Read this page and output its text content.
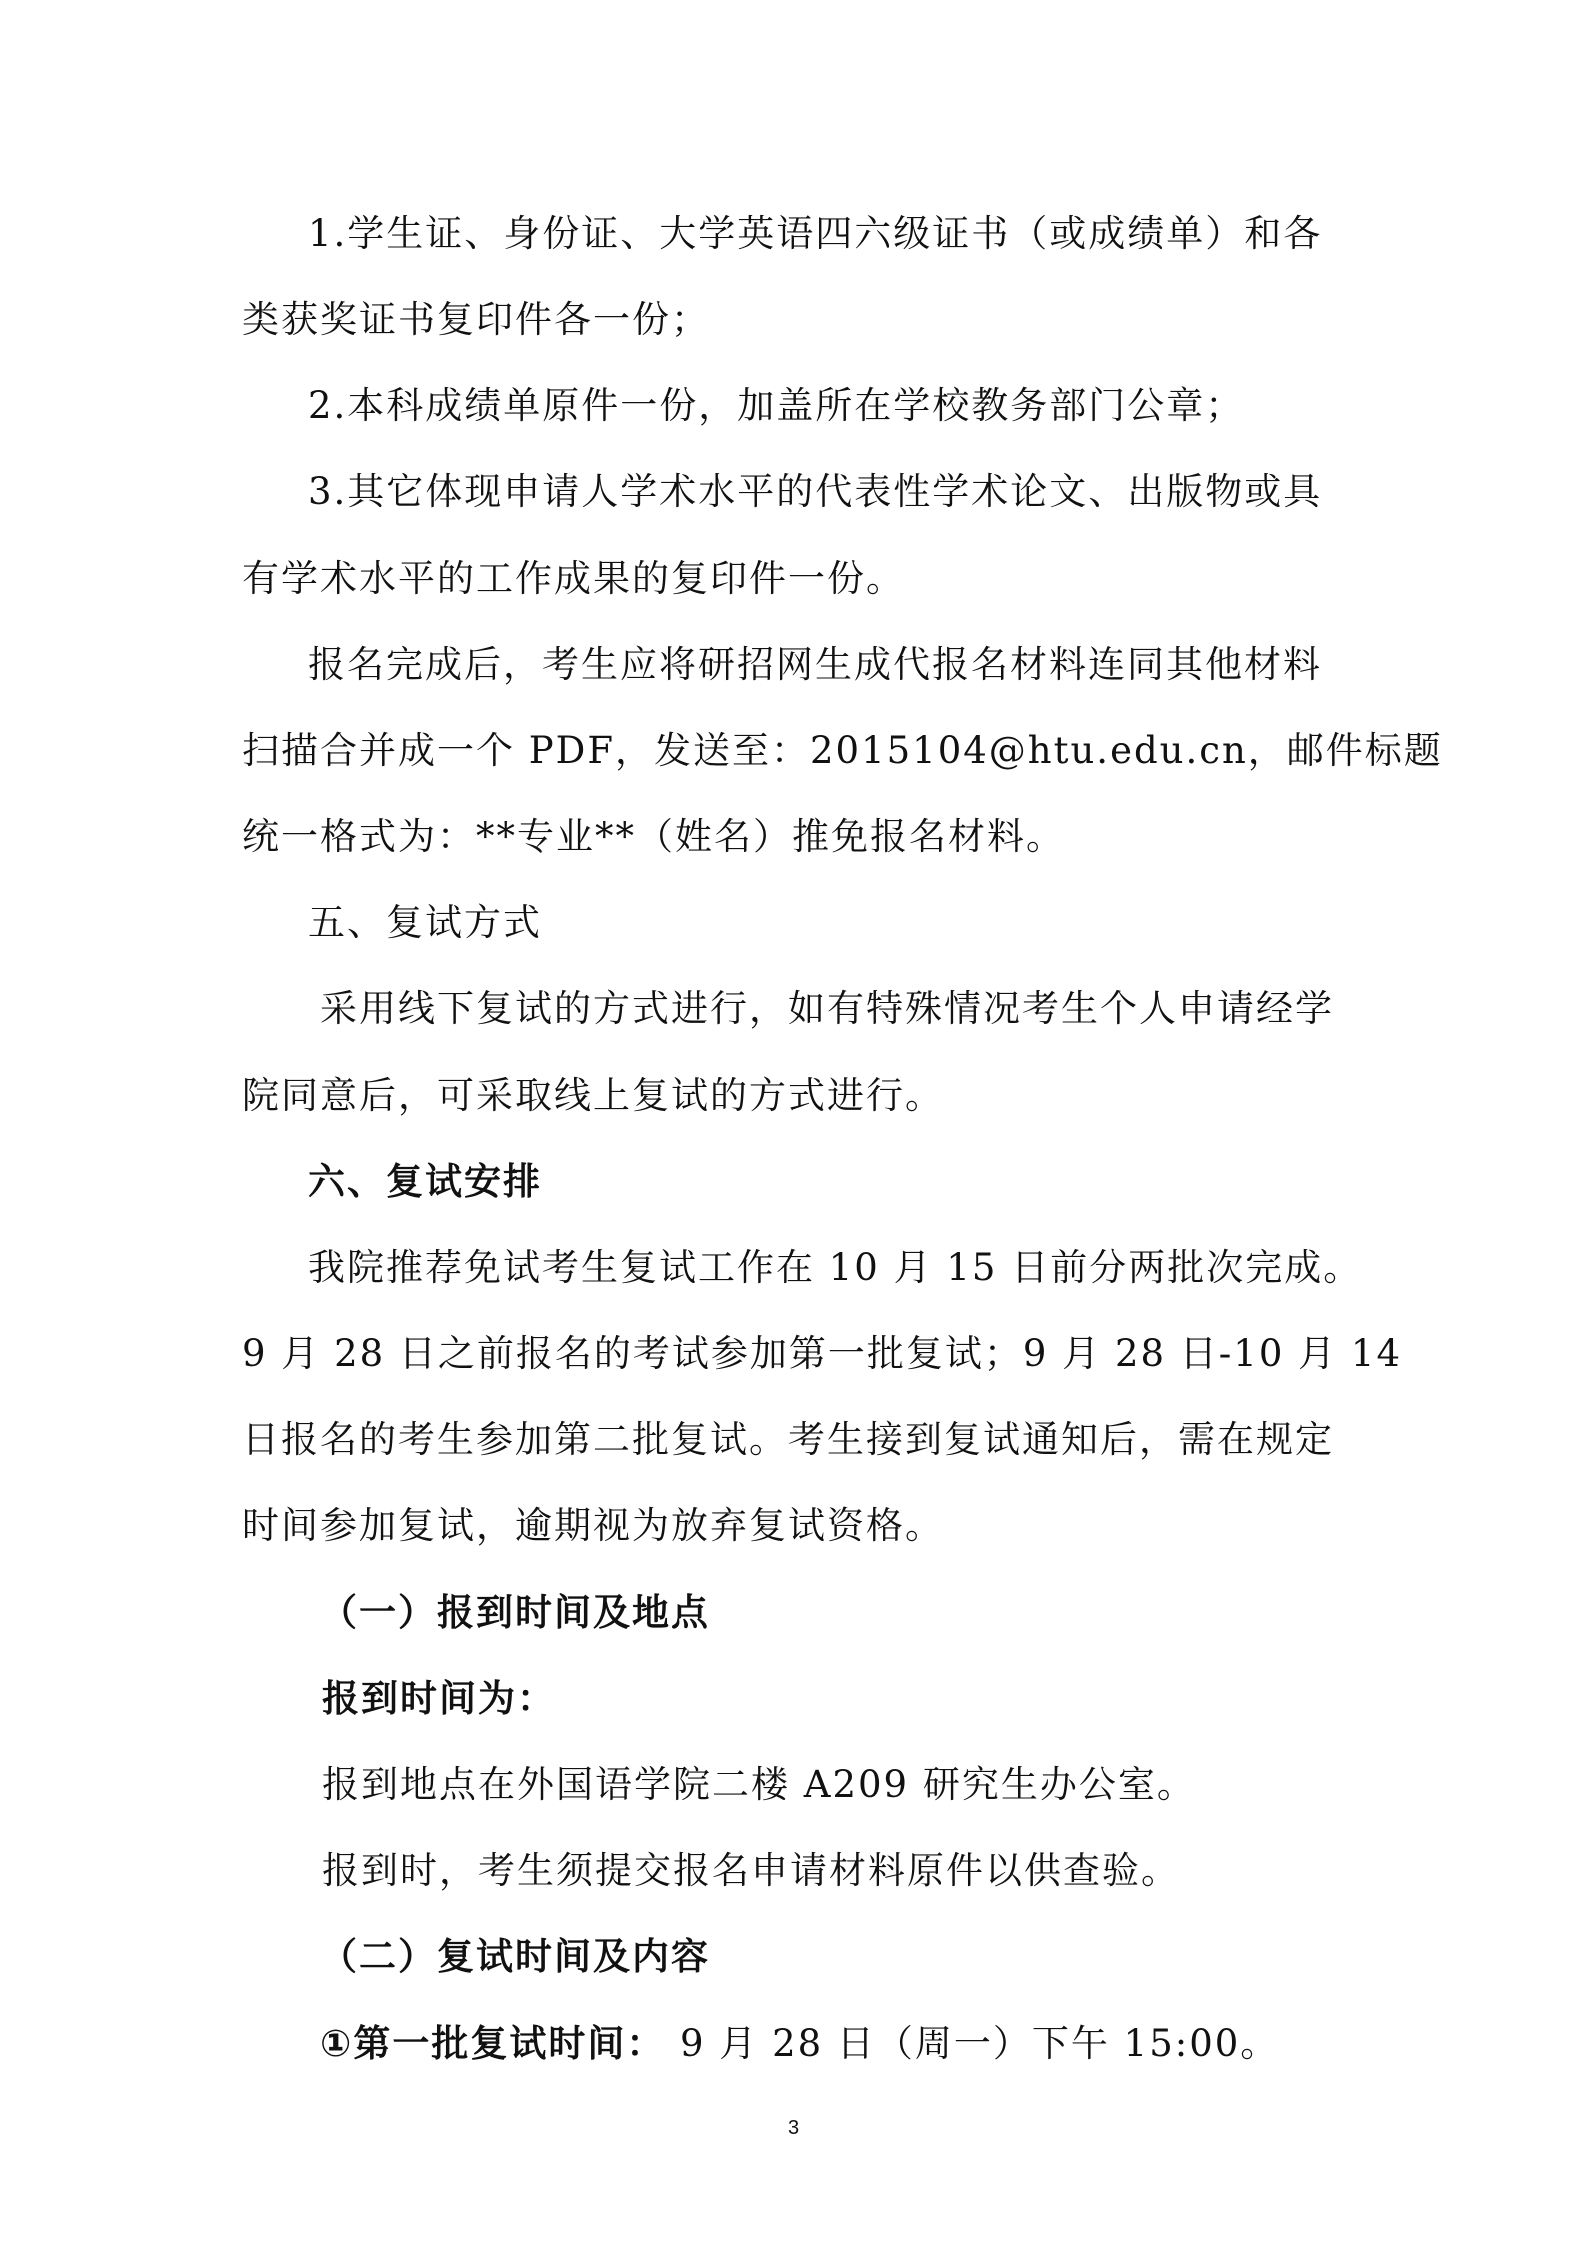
1.学生证、身份证、大学英语四六级证书（或成绩单）和各
类获奖证书复印件各一份；
2.本科成绩单原件一份，加盖所在学校教务部门公章；
3.其它体现申请人学术水平的代表性学术论文、出版物或具
有学术水平的工作成果的复印件一份。
报名完成后，考生应将研招网生成代报名材料连同其他材料
扫描合并成一个 PDF，发送至：2015104@htu.edu.cn，邮件标题
统一格式为：**专业**（姓名）推免报名材料。
五、复试方式
采用线下复试的方式进行，如有特殊情况考生个人申请经学
院同意后，可采取线上复试的方式进行。
六、复试安排
我院推荐免试考生复试工作在 10 月 15 日前分两批次完成。
9 月 28 日之前报名的考试参加第一批复试；9 月 28 日-10 月 14
日报名的考生参加第二批复试。考生接到复试通知后，需在规定
时间参加复试，逾期视为放弃复试资格。
（一）报到时间及地点
报到时间为：
报到地点在外国语学院二楼 A209 研究生办公室。
报到时，考生须提交报名申请材料原件以供查验。
（二）复试时间及内容
①第一批复试时间： 9 月 28 日（周一）下午 15:00。
3
